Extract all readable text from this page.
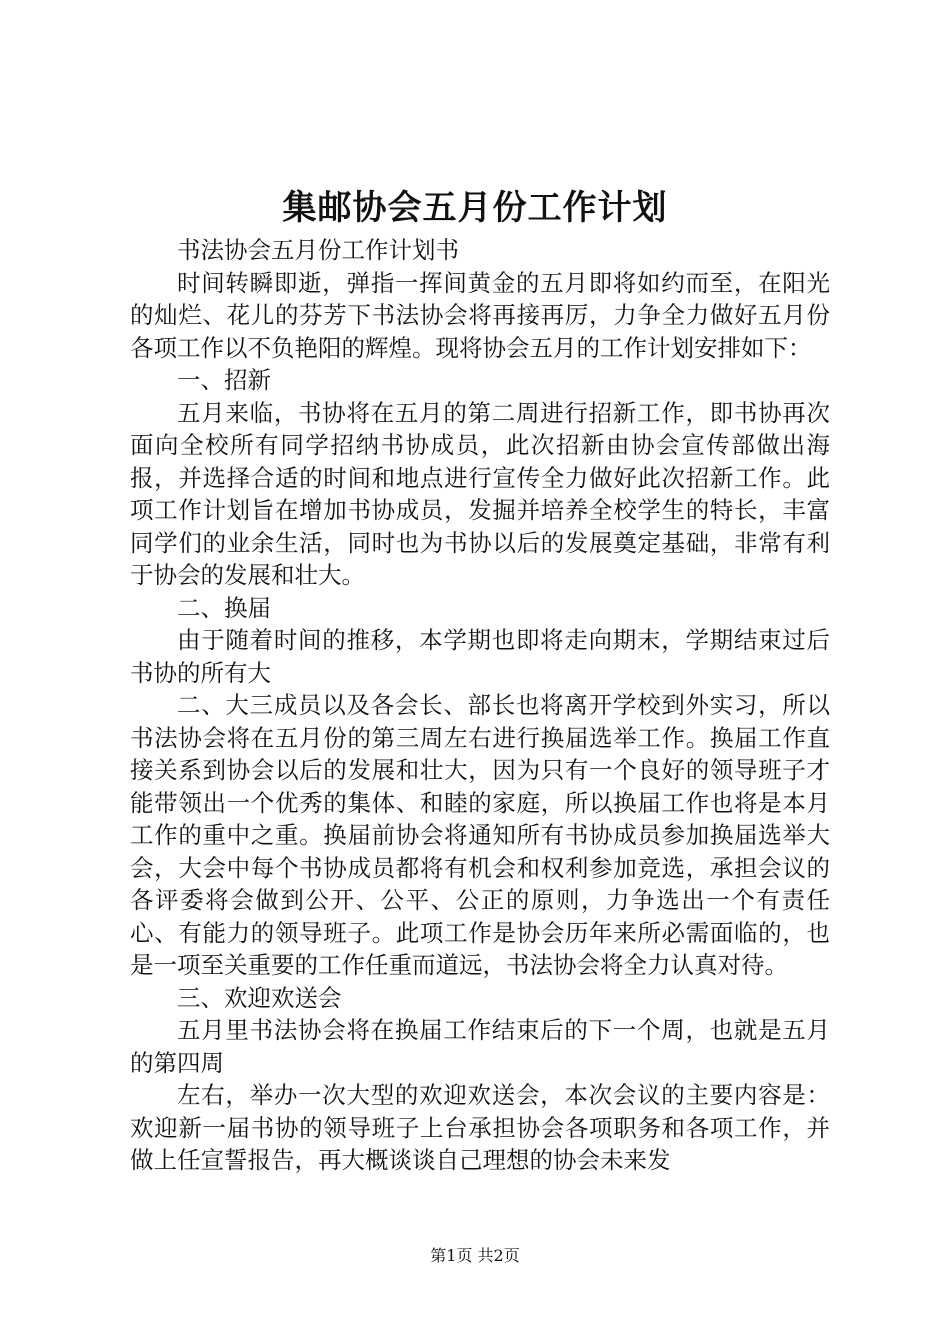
集邮协会五月份工作计划

书法协会五月份工作计划书

时间转瞬即逝，弹指一挥间黄金的五月即将如约而至，在阳光的灿烂、花儿的芬芳下书法协会将再接再厉，力争全力做好五月份各项工作以不负艳阳的辉煌。现将协会五月的工作计划安排如下：

一、招新

五月来临，书协将在五月的第二周进行招新工作，即书协再次面向全校所有同学招纳书协成员，此次招新由协会宣传部做出海报，并选择合适的时间和地点进行宣传全力做好此次招新工作。此项工作计划旨在增加书协成员，发掘并培养全校学生的特长，丰富同学们的业余生活，同时也为书协以后的发展奠定基础，非常有利于协会的发展和壮大。

二、换届

由于随着时间的推移，本学期也即将走向期末，学期结束过后书协的所有大

二、大三成员以及各会长、部长也将离开学校到外实习，所以书法协会将在五月份的第三周左右进行换届选举工作。换届工作直接关系到协会以后的发展和壮大，因为只有一个良好的领导班子才能带领出一个优秀的集体、和睦的家庭，所以换届工作也将是本月工作的重中之重。换届前协会将通知所有书协成员参加换届选举大会，大会中每个书协成员都将有机会和权利参加竞选，承担会议的各评委将会做到公开、公平、公正的原则，力争选出一个有责任心、有能力的领导班子。此项工作是协会历年来所必需面临的，也是一项至关重要的工作任重而道远，书法协会将全力认真对待。

三、欢迎欢送会

五月里书法协会将在换届工作结束后的下一个周，也就是五月的第四周

左右，举办一次大型的欢迎欢送会，本次会议的主要内容是：欢迎新一届书协的领导班子上台承担协会各项职务和各项工作，并做上任宣誓报告，再大概谈谈自己理想的协会未来发

第1页 共2页
